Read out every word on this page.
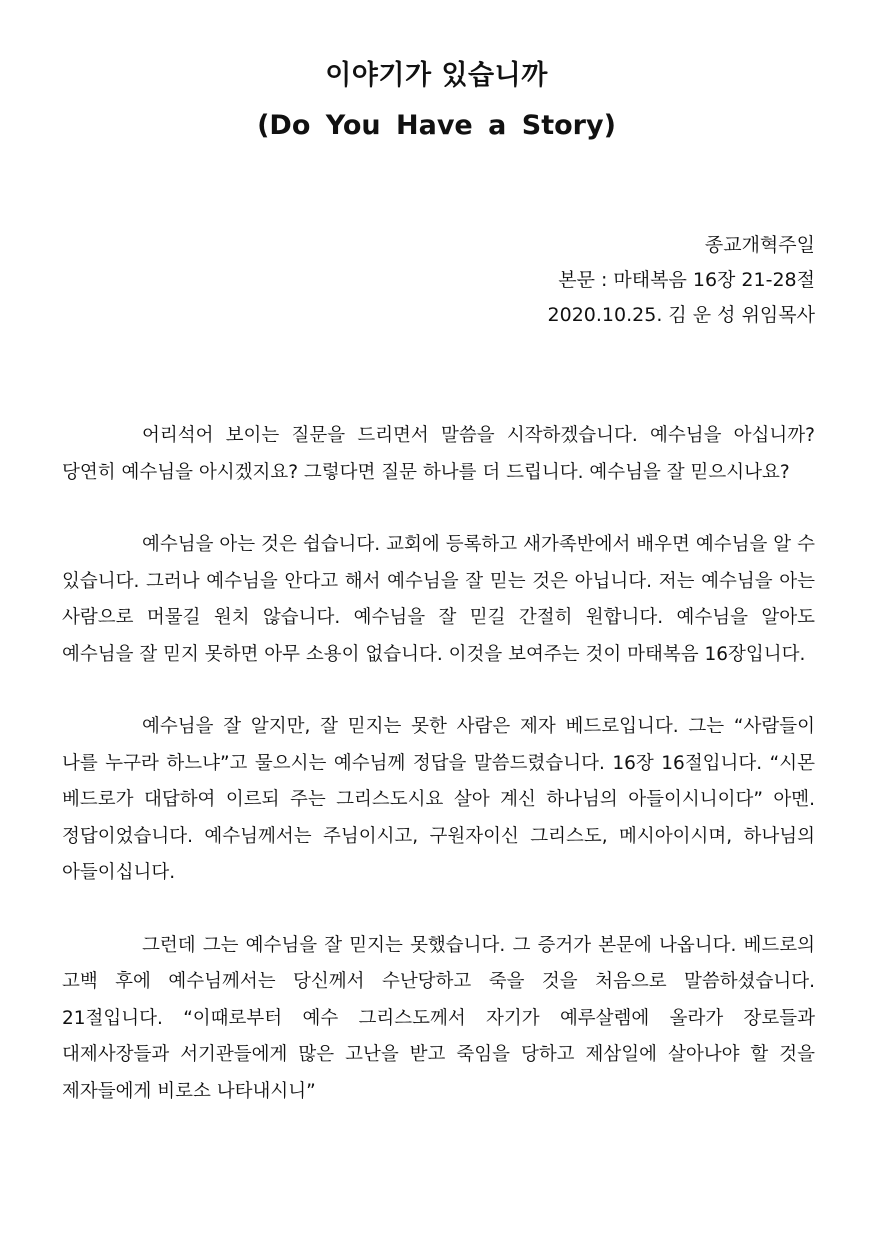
이야기가 있습니까
(Do You Have a Story)
종교개혁주일
본문 : 마태복음 16장 21-28절
2020.10.25. 김 운 성 위임목사

어리석어 보이는 질문을 드리면서 말씀을 시작하겠습니다. 예수님을 아십니까? 당연히 예수님을 아시겠지요? 그렇다면 질문 하나를 더 드립니다. 예수님을 잘 믿으시나요?

예수님을 아는 것은 쉽습니다. 교회에 등록하고 새가족반에서 배우면 예수님을 알 수 있습니다. 그러나 예수님을 안다고 해서 예수님을 잘 믿는 것은 아닙니다. 저는 예수님을 아는 사람으로 머물길 원치 않습니다. 예수님을 잘 믿길 간절히 원합니다. 예수님을 알아도 예수님을 잘 믿지 못하면 아무 소용이 없습니다. 이것을 보여주는 것이 마태복음 16장입니다.

예수님을 잘 알지만, 잘 믿지는 못한 사람은 제자 베드로입니다. 그는 “사람들이 나를 누구라 하느냐”고 물으시는 예수님께 정답을 말씀드렸습니다. 16장 16절입니다. “시몬 베드로가 대답하여 이르되 주는 그리스도시요 살아 계신 하나님의 아들이시니이다” 아멘. 정답이었습니다. 예수님께서는 주님이시고, 구원자이신 그리스도, 메시아이시며, 하나님의 아들이십니다.

그런데 그는 예수님을 잘 믿지는 못했습니다. 그 증거가 본문에 나옵니다. 베드로의 고백 후에 예수님께서는 당신께서 수난당하고 죽을 것을 처음으로 말씀하셨습니다. 21절입니다. “이때로부터 예수 그리스도께서 자기가 예루살렘에 올라가 장로들과 대제사장들과 서기관들에게 많은 고난을 받고 죽임을 당하고 제삼일에 살아나야 할 것을 제자들에게 비로소 나타내시니”
